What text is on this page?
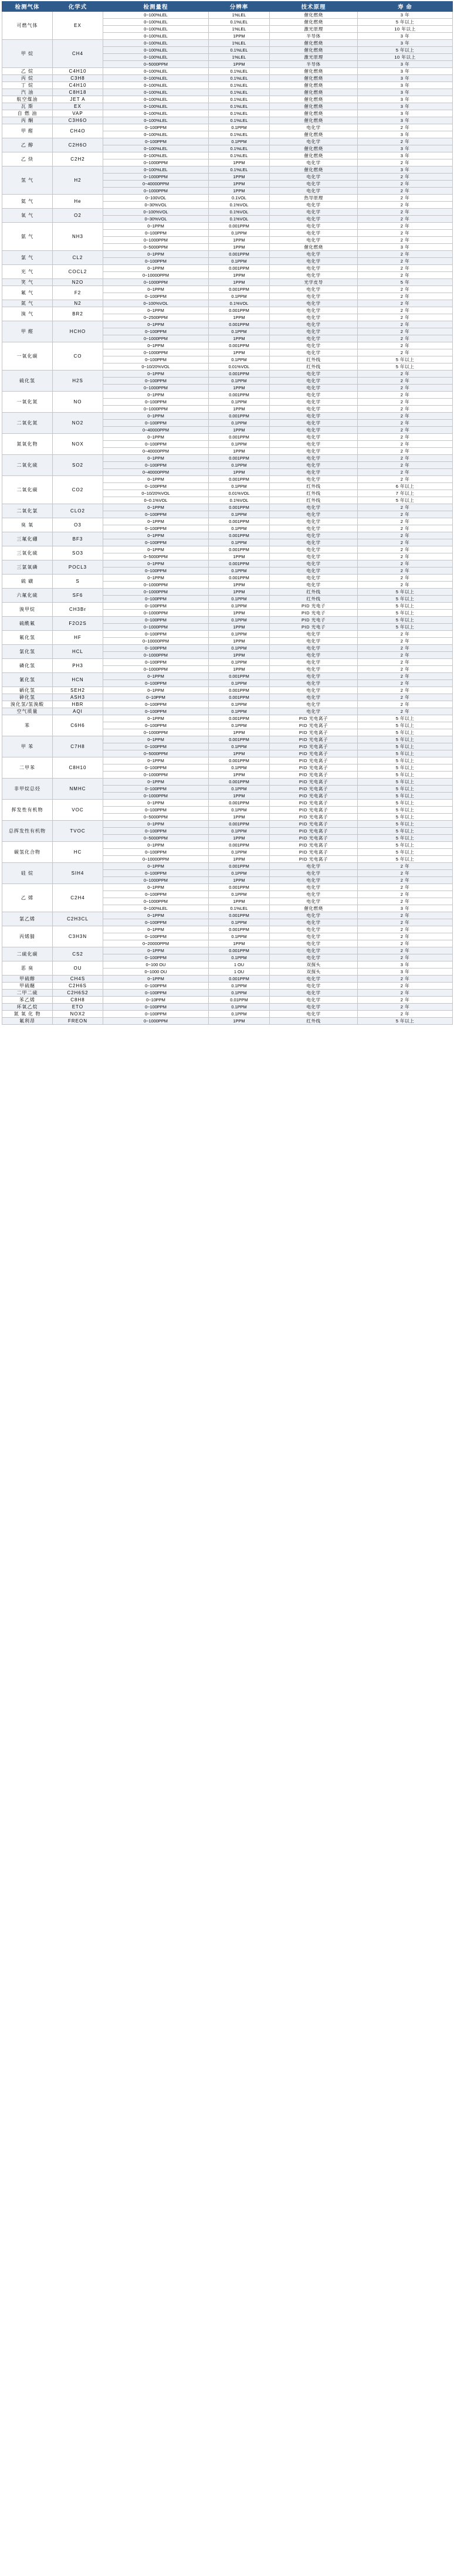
检测气体	化学式	检测量程	分辨率	技术原理	寿 命
可燃气体	EX	0~100%LEL	1%LEL	催化燃烧	3 年
		0~100%LEL	0.1%LEL	催化燃烧	5 年以上
		0~100%LEL	1%LEL	激光原理	10 年以上
		0~100%LEL	1PPM	半导体	3 年
甲 烷	CH4	0~100%LEL	1%LEL	催化燃烧	3 年
		0~100%LEL	0.1%LEL	催化燃烧	5 年以上
		0~100%LEL	1%LEL	激光原理	10 年以上
		0~5000PPM	1PPM	半导体	3 年
乙 烷	C4H10	0~100%LEL	0.1%LEL	催化燃烧	3 年
丙 烷	C3H8	0~100%LEL	0.1%LEL	催化燃烧	3 年
丁 烷	C4H10	0~100%LEL	0.1%LEL	催化燃烧	3 年
汽 油	C8H18	0~100%LEL	0.1%LEL	催化燃烧	3 年
航空煤油	JET A	0~100%LEL	0.1%LEL	催化燃烧	3 年
瓦 斯	EX	0~100%LEL	0.1%LEL	催化燃烧	3 年
自 燃 油	VAP	0~100%LEL	0.1%LEL	催化燃烧	3 年
丙 酮	C3H6O	0~100%LEL	0.1%LEL	催化燃烧	3 年
甲 醛	CH4O	0~100PPM	0.1PPM	电化学	2 年
		0~100%LEL	0.1%LEL	催化燃烧	3 年
乙 醇	C2H6O	0~100PPM	0.1PPM	电化学	2 年
		0~100%LEL	0.1%LEL	催化燃烧	3 年
乙 炔	C2H2	0~100%LEL	0.1%LEL	催化燃烧	3 年
		0~1000PPM	1PPM	电化学	2 年
氢 气	H2	0~100%LEL	0.1%LEL	催化燃烧	3 年
		0~1000PPM	1PPM	电化学	2 年
		0~40000PPM	1PPM	电化学	2 年
		0~1000PPM	1PPM	电化学	2 年
氦 气	He	0~100VOL	0.1VOL	热导原理	2 年
		0~30%VOL	0.1%VOL	电化学	2 年
氧 气	O2	0~100%VOL	0.1%VOL	电化学	2 年
		0~30%VOL	0.1%VOL	电化学	2 年
氨 气	NH3	0~1PPM	0.001PPM	电化学	2 年
		0~100PPM	0.1PPM	电化学	2 年
		0~1000PPM	1PPM	电化学	2 年
		0~5000PPM	1PPM	催化燃烧	3 年
氯 气	CL2	0~1PPM	0.001PPM	电化学	2 年
		0~100PPM	0.1PPM	电化学	2 年
光 气	COCL2	0~1PPM	0.001PPM	电化学	2 年
		0~10000PPM	1PPM	电化学	2 年
笑 气	N2O	0~1000PPM	1PPM	光学皮导	5 年
氟 气	F2	0~1PPM	0.001PPM	电化学	2 年
		0~100PPM	0.1PPM	电化学	2 年
氮 气	N2	0~100%VOL	0.1%VOL	电化学	2 年
溴 气	BR2	0~1PPM	0.001PPM	电化学	2 年
		0~2500PPM	1PPM	电化学	2 年
甲 醛	HCHO	0~1PPM	0.001PPM	电化学	2 年
		0~100PPM	0.1PPM	电化学	2 年
		0~1000PPM	1PPM	电化学	2 年
一氧化碳	CO	0~1PPM	0.001PPM	电化学	2 年
		0~1000PPM	1PPM	电化学	2 年
		0~100PPM	0.1PPM	红外线	5 年以上
		0~10/20%VOL	0.01%VOL	红外线	5 年以上
硫化氢	H2S	0~1PPM	0.001PPM	电化学	2 年
		0~100PPM	0.1PPM	电化学	2 年
		0~1000PPM	1PPM	电化学	2 年
一氧化氮	NO	0~1PPM	0.001PPM	电化学	2 年
		0~100PPM	0.1PPM	电化学	2 年
		0~1000PPM	1PPM	电化学	2 年
二氧化氮	NO2	0~1PPM	0.001PPM	电化学	2 年
		0~100PPM	0.1PPM	电化学	2 年
		0~40000PPM	1PPM	电化学	2 年
氮氧化物	NOX	0~1PPM	0.001PPM	电化学	2 年
		0~100PPM	0.1PPM	电化学	2 年
		0~40000PPM	1PPM	电化学	2 年
二氧化硫	SO2	0~1PPM	0.001PPM	电化学	2 年
		0~100PPM	0.1PPM	电化学	2 年
		0~40000PPM	1PPM	电化学	2 年
二氧化碳	CO2	0~1PPM	0.001PPM	电化学	2 年
		0~100PPM	0.1PPM	红外线	6 年以上
		0~10/20%VOL	0.01%VOL	红外线	7 年以上
		0~0.1%VOL	0.1%VOL	红外线	5 年以上
二氧化氯	CLO2	0~1PPM	0.001PPM	电化学	2 年
		0~100PPM	0.1PPM	电化学	2 年
臭 氧	O3	0~1PPM	0.001PPM	电化学	2 年
		0~100PPM	0.1PPM	电化学	2 年
三氟化硼	BF3	0~1PPM	0.001PPM	电化学	2 年
		0~100PPM	0.1PPM	电化学	2 年
三氧化硫	SO3	0~1PPM	0.001PPM	电化学	2 年
		0~5000PPM	1PPM	电化学	2 年
三氯氧磷	POCL3	0~1PPM	0.001PPM	电化学	2 年
		0~100PPM	0.1PPM	电化学	2 年
硫 磺	S	0~1PPM	0.001PPM	电化学	2 年
		0~1000PPM	1PPM	电化学	2 年
六氟化硫	SF6	0~1000PPM	1PPM	红外线	5 年以上
		0~100PPM	0.1PPM	红外线	5 年以上
溴甲烷	CH3Br	0~100PPM	0.1PPM	PID 光电子	5 年以上
		0~1000PPM	1PPM	PID 光电子	5 年以上
硫酰氟	F2O2S	0~100PPM	0.1PPM	PID 光电子	5 年以上
		0~1000PPM	1PPM	PID 光电子	5 年以上
氟化氢	HF	0~100PPM	0.1PPM	电化学	2 年
		0~10000PPM	1PPM	电化学	2 年
氯化氢	HCL	0~100PPM	0.1PPM	电化学	2 年
		0~1000PPM	1PPM	电化学	2 年
磷化氢	PH3	0~100PPM	0.1PPM	电化学	2 年
		0~1000PPM	1PPM	电化学	2 年
氰化氢	HCN	0~1PPM	0.001PPM	电化学	2 年
		0~100PPM	0.1PPM	电化学	2 年
硒化氢	SEH2	0~1PPM	0.001PPM	电化学	2 年
砷化氢	ASH3	0~10PPM	0.001PPM	电化学	2 年
溴化氢/氢溴酸	HBR	0~100PPM	0.1PPM	电化学	2 年
空气质量	AQI	0~100PPM	0.1PPM	电化学	2 年
苯	C6H6	0~1PPM	0.001PPM	PID 光电离子	5 年以上
		0~100PPM	0.1PPM	PID 光电离子	5 年以上
		0~1000PPM	1PPM	PID 光电离子	5 年以上
甲 苯	C7H8	0~1PPM	0.001PPM	PID 光电离子	5 年以上
		0~100PPM	0.1PPM	PID 光电离子	5 年以上
		0~5000PPM	1PPM	PID 光电离子	5 年以上
二甲苯	C8H10	0~1PPM	0.001PPM	PID 光电离子	5 年以上
		0~100PPM	0.1PPM	PID 光电离子	5 年以上
		0~1000PPM	1PPM	PID 光电离子	5 年以上
非甲烷总烃	NMHC	0~1PPM	0.001PPM	PID 光电离子	5 年以上
		0~100PPM	0.1PPM	PID 光电离子	5 年以上
		0~1000PPM	1PPM	PID 光电离子	5 年以上
挥发性有机物	VOC	0~1PPM	0.001PPM	PID 光电离子	5 年以上
		0~100PPM	0.1PPM	PID 光电离子	5 年以上
		0~5000PPM	1PPM	PID 光电离子	5 年以上
总挥发性有机物	TVOC	0~1PPM	0.001PPM	PID 光电离子	5 年以上
		0~100PPM	0.1PPM	PID 光电离子	5 年以上
		0~5000PPM	1PPM	PID 光电离子	5 年以上
碳氢化合物	HC	0~1PPM	0.001PPM	PID 光电离子	5 年以上
		0~100PPM	0.1PPM	PID 光电离子	5 年以上
		0~10000PPM	1PPM	PID 光电离子	5 年以上
硅 烷	SIH4	0~1PPM	0.001PPM	电化学	2 年
		0~100PPM	0.1PPM	电化学	2 年
		0~1000PPM	1PPM	电化学	2 年
乙 烯	C2H4	0~1PPM	0.001PPM	电化学	2 年
		0~100PPM	0.1PPM	电化学	2 年
		0~1000PPM	1PPM	电化学	2 年
		0~100%LEL	0.1%LEL	催化燃烧	3 年
氯乙烯	C2H3CL	0~1PPM	0.001PPM	电化学	2 年
		0~100PPM	0.1PPM	电化学	2 年
丙烯腈	C3H3N	0~1PPM	0.001PPM	电化学	2 年
		0~100PPM	0.1PPM	电化学	2 年
		0~20000PPM	1PPM	电化学	2 年
二硫化碳	CS2	0~1PPM	0.001PPM	电化学	2 年
		0~100PPM	0.1PPM	电化学	2 年
恶 臭	OU	0~100 OU	1 OU	双探头	3 年
		0~1000 OU	1 OU	双探头	3 年
甲硫醇	CH4S	0~1PPM	0.001PPM	电化学	2 年
甲硫醚	C2H6S	0~100PPM	0.1PPM	电化学	2 年
二甲二硫	C2H6S2	0~100PPM	0.1PPM	电化学	2 年
苯乙烯	C8H8	0~10PPM	0.01PPM	电化学	2 年
环氧乙烷	ETO	0~100PPM	0.1PPM	电化学	2 年
氮 氧 化 物	NOX2	0~100PPM	0.1PPM	电化学	2 年
氟利昂	FREON	0~1000PPM	1PPM	红外线	5 年以上
